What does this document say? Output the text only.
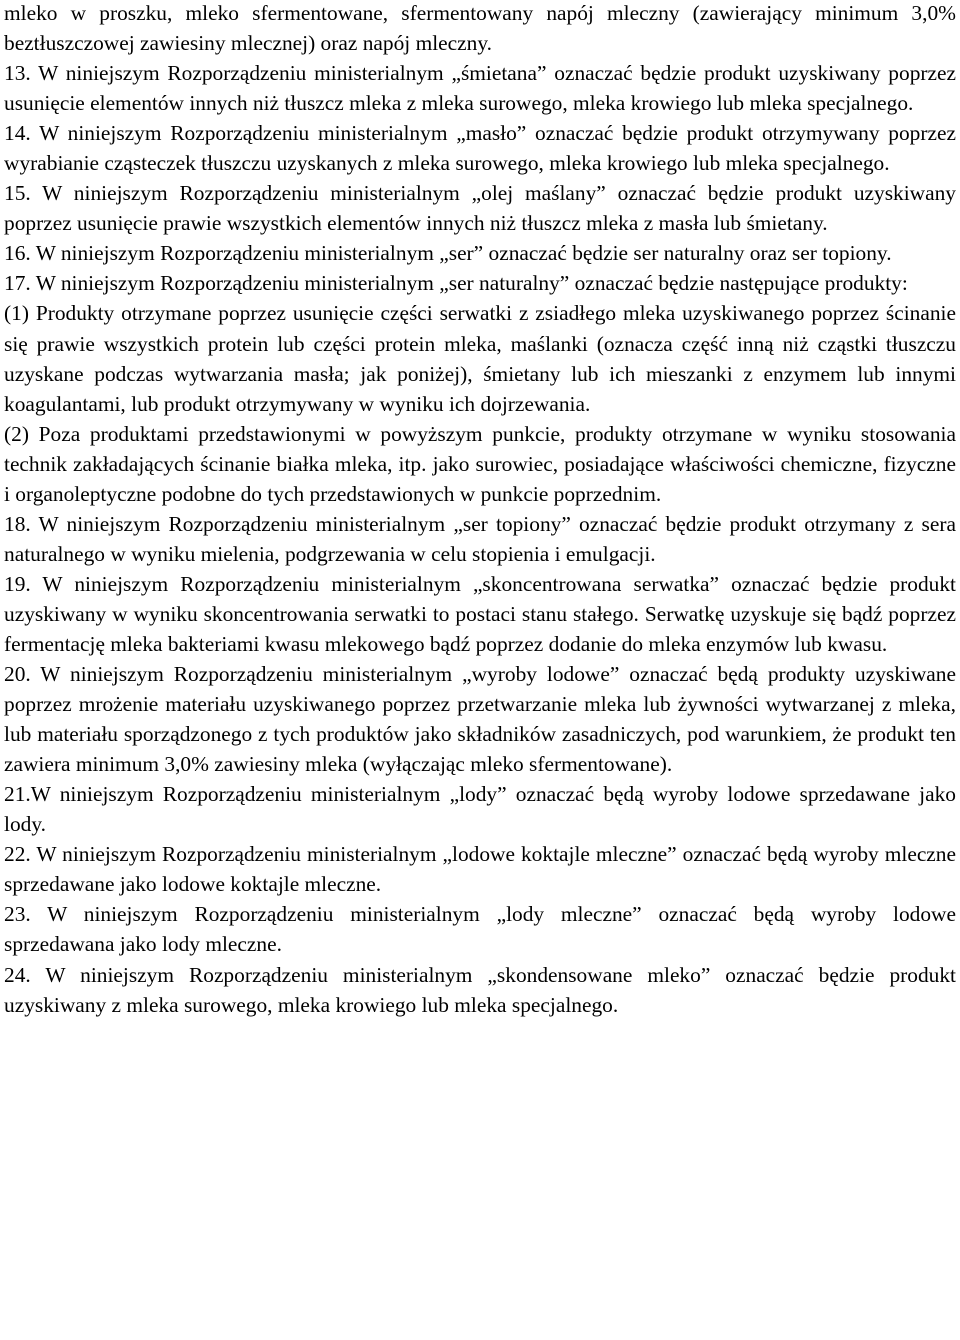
mleko w proszku, mleko sfermentowane, sfermentowany napój mleczny (zawierający minimum 3,0% beztłuszczowej zawiesiny mlecznej) oraz napój mleczny.

13. W niniejszym Rozporządzeniu ministerialnym „śmietana” oznaczać będzie produkt uzyskiwany poprzez usunięcie elementów innych niż tłuszcz mleka z mleka surowego, mleka krowiego lub mleka specjalnego.

14. W niniejszym Rozporządzeniu ministerialnym „masło” oznaczać będzie produkt otrzymywany poprzez wyrabianie cząsteczek tłuszczu uzyskanych z mleka surowego, mleka krowiego lub mleka specjalnego.

15. W niniejszym Rozporządzeniu ministerialnym „olej maślany” oznaczać będzie produkt uzyskiwany poprzez usunięcie prawie wszystkich elementów innych niż tłuszcz mleka z masła lub śmietany.

16. W niniejszym Rozporządzeniu ministerialnym „ser” oznaczać będzie ser naturalny oraz ser topiony.

17. W niniejszym Rozporządzeniu ministerialnym „ser naturalny” oznaczać będzie następujące produkty:

(1) Produkty otrzymane poprzez usunięcie części serwatki z zsiadłego mleka uzyskiwanego poprzez ścinanie się prawie wszystkich protein lub części protein mleka, maślanki (oznacza część inną niż cząstki tłuszczu uzyskane podczas wytwarzania masła; jak poniżej), śmietany lub ich mieszanki z enzymem lub innymi koagulantami, lub produkt otrzymywany w wyniku ich dojrzewania.

(2) Poza produktami przedstawionymi w powyższym punkcie, produkty otrzymane w wyniku stosowania technik zakładających ścinanie białka mleka, itp. jako surowiec, posiadające właściwości chemiczne, fizyczne i organoleptyczne podobne do tych przedstawionych w punkcie poprzednim.

18. W niniejszym Rozporządzeniu ministerialnym „ser topiony” oznaczać będzie produkt otrzymany z sera naturalnego w wyniku mielenia, podgrzewania w celu stopienia i emulgacji.

19. W niniejszym Rozporządzeniu ministerialnym „skoncentrowana serwatka” oznaczać będzie produkt uzyskiwany w wyniku skoncentrowania serwatki to postaci stanu stałego. Serwatkę uzyskuje się bądź poprzez fermentację mleka bakteriami kwasu mlekowego bądź poprzez dodanie do mleka enzymów lub kwasu.

20. W niniejszym Rozporządzeniu ministerialnym „wyroby lodowe” oznaczać będą produkty uzyskiwane poprzez mrożenie materiału uzyskiwanego poprzez przetwarzanie mleka lub żywności wytwarzanej z mleka, lub materiału sporządzonego z tych produktów jako składników zasadniczych, pod warunkiem, że produkt ten zawiera minimum 3,0% zawiesiny mleka (wyłączając mleko sfermentowane).

21.W niniejszym Rozporządzeniu ministerialnym „lody” oznaczać będą wyroby lodowe sprzedawane jako lody.

22. W niniejszym Rozporządzeniu ministerialnym „lodowe koktajle mleczne” oznaczać będą wyroby mleczne sprzedawane jako lodowe koktajle mleczne.

23. W niniejszym Rozporządzeniu ministerialnym „lody mleczne” oznaczać będą wyroby lodowe sprzedawana jako lody mleczne.

24. W niniejszym Rozporządzeniu ministerialnym „skondensowane mleko” oznaczać będzie produkt uzyskiwany z mleka surowego, mleka krowiego lub mleka specjalnego.
